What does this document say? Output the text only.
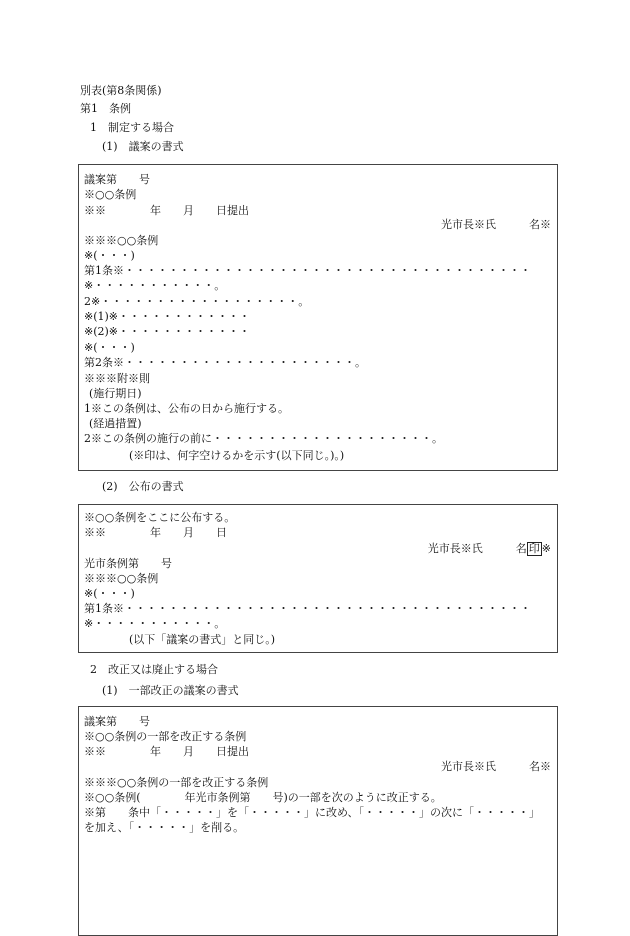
別表(第8条関係)
第1　条例
1　制定する場合
(1)　議案の書式
議案第　　号
※○○条例
※※　　　　年　　月　　日提出
光市長※氏　　　名※
※※※○○条例
※(・・・)
第1条※・・・・・・・・・・・・・・・・・・・・・・・・・・・・・・・・・・・・・
※・・・・・・・・・・・。
2※・・・・・・・・・・・・・・・・・・。
※(1)※・・・・・・・・・・・・
※(2)※・・・・・・・・・・・・
※(・・・)
第2条※・・・・・・・・・・・・・・・・・・・・・。
※※※附※則
(施行期日)
1※この条例は、公布の日から施行する。
(経過措置)
2※この条例の施行の前に・・・・・・・・・・・・・・・・・・・・。
(※印は、何字空けるかを示す(以下同じ。)。)
(2)　公布の書式
※○○条例をここに公布する。
※※　　　　年　　月　　日
光市長※氏　　　名 印 ※
光市条例第　　号
※※※○○条例
※(・・・)
第1条※・・・・・・・・・・・・・・・・・・・・・・・・・・・・・・・・・・・・・
※・・・・・・・・・・・。
(以下「議案の書式」と同じ。)
2　改正又は廃止する場合
(1)　一部改正の議案の書式
議案第　　号
※○○条例の一部を改正する条例
※※　　　　年　　月　　日提出
光市長※氏　　　名※
※※※○○条例の一部を改正する条例
※○○条例(　　　　年光市条例第　　号)の一部を次のように改正する。
※第　　条中「・・・・・」を「・・・・・」に改め、「・・・・・」の次に「・・・・・」
を加え、「・・・・・」を削る。
